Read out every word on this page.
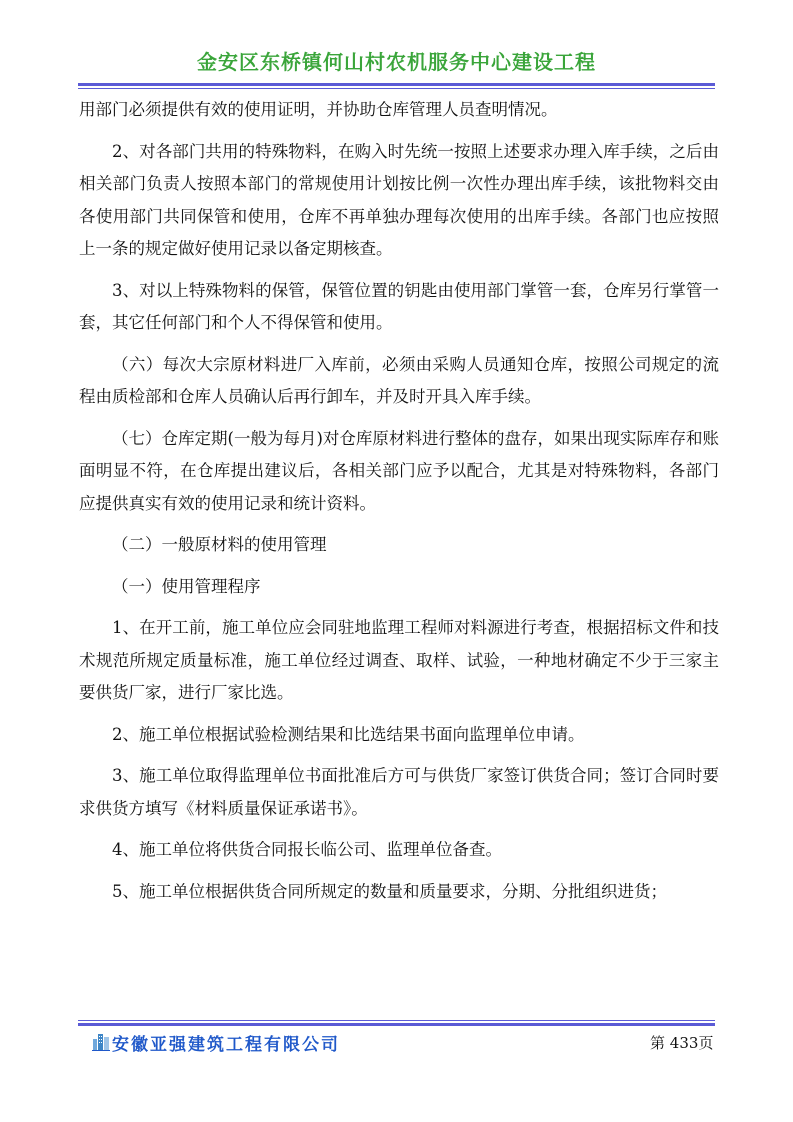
金安区东桥镇何山村农机服务中心建设工程

用部门必须提供有效的使用证明，并协助仓库管理人员查明情况。

2、对各部门共用的特殊物料，在购入时先统一按照上述要求办理入库手续，之后由相关部门负责人按照本部门的常规使用计划按比例一次性办理出库手续，该批物料交由各使用部门共同保管和使用，仓库不再单独办理每次使用的出库手续。各部门也应按照上一条的规定做好使用记录以备定期核查。

3、对以上特殊物料的保管，保管位置的钥匙由使用部门掌管一套，仓库另行掌管一套，其它任何部门和个人不得保管和使用。

（六）每次大宗原材料进厂入库前，必须由采购人员通知仓库，按照公司规定的流程由质检部和仓库人员确认后再行卸车，并及时开具入库手续。

（七）仓库定期(一般为每月)对仓库原材料进行整体的盘存，如果出现实际库存和账面明显不符，在仓库提出建议后，各相关部门应予以配合，尤其是对特殊物料，各部门应提供真实有效的使用记录和统计资料。

（二）一般原材料的使用管理

（一）使用管理程序

1、在开工前，施工单位应会同驻地监理工程师对料源进行考查，根据招标文件和技术规范所规定质量标准，施工单位经过调查、取样、试验，一种地材确定不少于三家主要供货厂家，进行厂家比选。

2、施工单位根据试验检测结果和比选结果书面向监理单位申请。

3、施工单位取得监理单位书面批准后方可与供货厂家签订供货合同；签订合同时要求供货方填写《材料质量保证承诺书》。

4、施工单位将供货合同报长临公司、监理单位备查。

5、施工单位根据供货合同所规定的数量和质量要求，分期、分批组织进货；

安徽亚强建筑工程有限公司	第 433页
